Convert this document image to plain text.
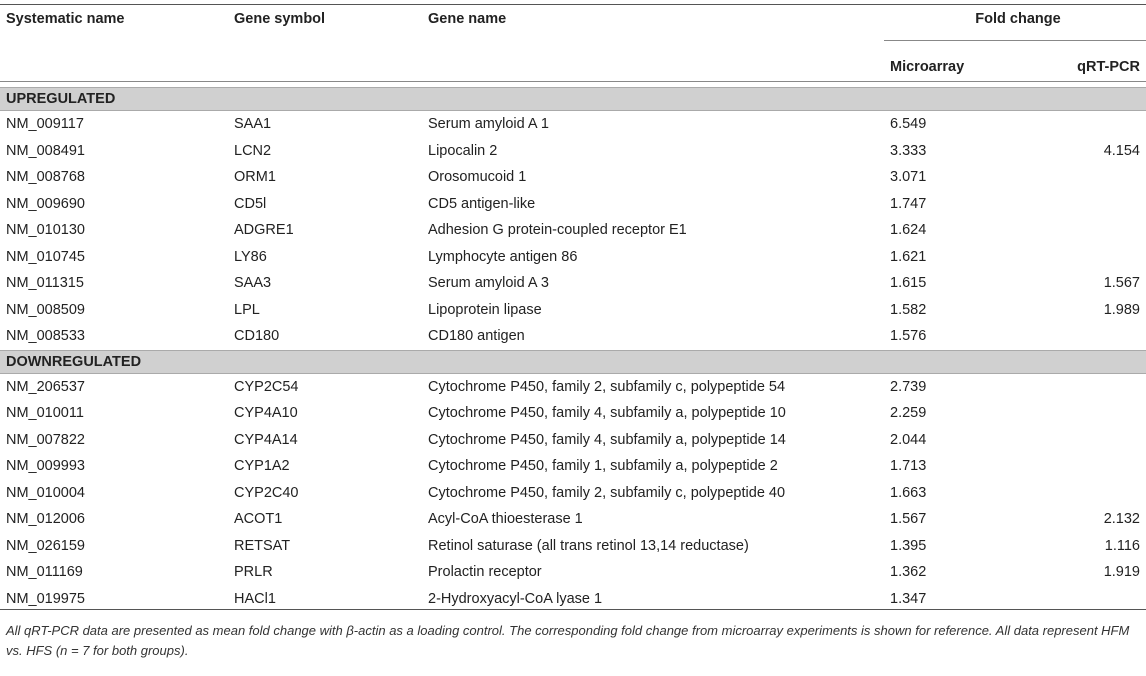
Systematic name	Gene symbol	Gene name	Fold change	
			Microarray	qRT-PCR
UPREGULATED				
NM_009117	SAA1	Serum amyloid A 1	6.549	
NM_008491	LCN2	Lipocalin 2	3.333	4.154
NM_008768	ORM1	Orosomucoid 1	3.071	
NM_009690	CD5l	CD5 antigen-like	1.747	
NM_010130	ADGRE1	Adhesion G protein-coupled receptor E1	1.624	
NM_010745	LY86	Lymphocyte antigen 86	1.621	
NM_011315	SAA3	Serum amyloid A 3	1.615	1.567
NM_008509	LPL	Lipoprotein lipase	1.582	1.989
NM_008533	CD180	CD180 antigen	1.576	
DOWNREGULATED				
NM_206537	CYP2C54	Cytochrome P450, family 2, subfamily c, polypeptide 54	2.739	
NM_010011	CYP4A10	Cytochrome P450, family 4, subfamily a, polypeptide 10	2.259	
NM_007822	CYP4A14	Cytochrome P450, family 4, subfamily a, polypeptide 14	2.044	
NM_009993	CYP1A2	Cytochrome P450, family 1, subfamily a, polypeptide 2	1.713	
NM_010004	CYP2C40	Cytochrome P450, family 2, subfamily c, polypeptide 40	1.663	
NM_012006	ACOT1	Acyl-CoA thioesterase 1	1.567	2.132
NM_026159	RETSAT	Retinol saturase (all trans retinol 13,14 reductase)	1.395	1.116
NM_011169	PRLR	Prolactin receptor	1.362	1.919
NM_019975	HACl1	2-Hydroxyacyl-CoA lyase 1	1.347	
All qRT-PCR data are presented as mean fold change with β-actin as a loading control. The corresponding fold change from microarray experiments is shown for reference. All data represent HFM vs. HFS (n = 7 for both groups).
